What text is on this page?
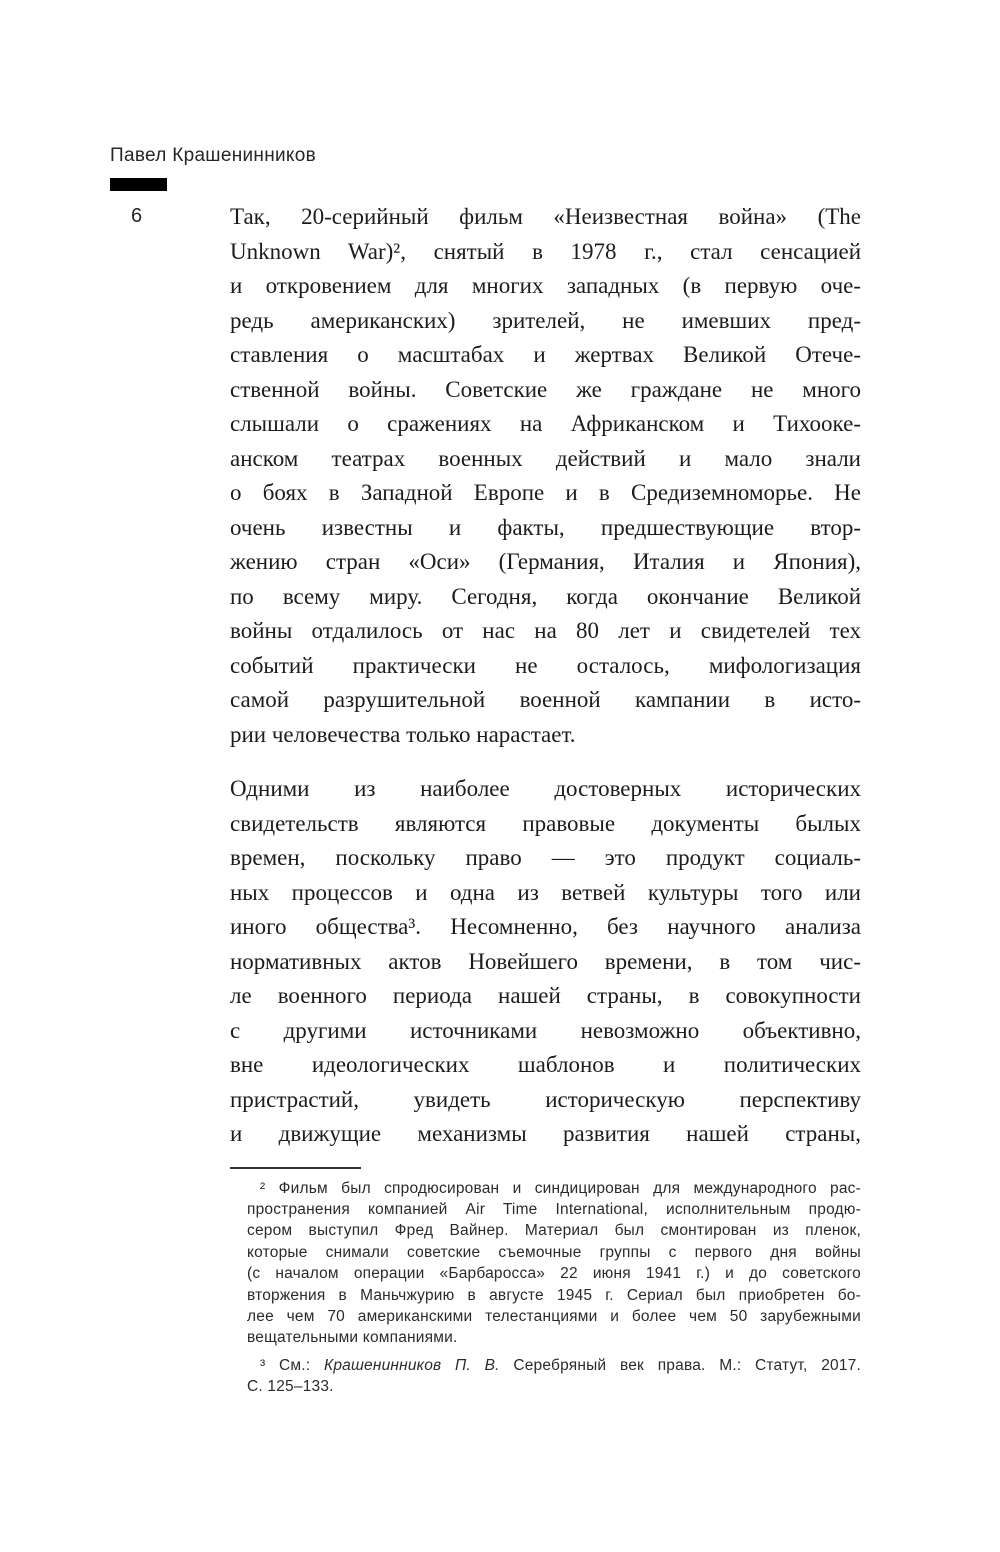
Павел Крашенинников
6	Так, 20-серийный фильм «Неизвестная война» (The
Unknown War)², снятый в 1978 г., стал сенсацией
и откровением для многих западных (в первую оче-
редь американских) зрителей, не имевших пред-
ставления о масштабах и жертвах Великой Отече-
ственной войны. Советские же граждане не много
слышали о сражениях на Африканском и Тихооке-
анском театрах военных действий и мало знали
о боях в Западной Европе и в Средиземноморье. Не
очень известны и факты, предшествующие втор-
жению стран «Оси» (Германия, Италия и Япония),
по всему миру. Сегодня, когда окончание Великой
войны отдалилось от нас на 80 лет и свидетелей тех
событий практически не осталось, мифологизация
самой разрушительной военной кампании в исто-
рии человечества только нарастает.
Одними из наиболее достоверных исторических
свидетельств являются правовые документы былых
времен, поскольку право — это продукт социаль-
ных процессов и одна из ветвей культуры того или
иного общества³. Несомненно, без научного анализа
нормативных актов Новейшего времени, в том чис-
ле военного периода нашей страны, в совокупности
с другими источниками невозможно объективно,
вне идеологических шаблонов и политических
пристрастий, увидеть историческую перспективу
и движущие механизмы развития нашей страны,
² Фильм был спродюсирован и синдицирован для международного рас-
пространения компанией Air Time International, исполнительным продю-
сером выступил Фред Вайнер. Материал был смонтирован из пленок,
которые снимали советские съемочные группы с первого дня войны
(с началом операции «Барбаросса» 22 июня 1941 г.) и до советского
вторжения в Маньчжурию в августе 1945 г. Сериал был приобретен бо-
лее чем 70 американскими телестанциями и более чем 50 зарубежными
вещательными компаниями.
³ См.: Крашенинников П. В. Серебряный век права. М.: Статут, 2017.
С. 125–133.
